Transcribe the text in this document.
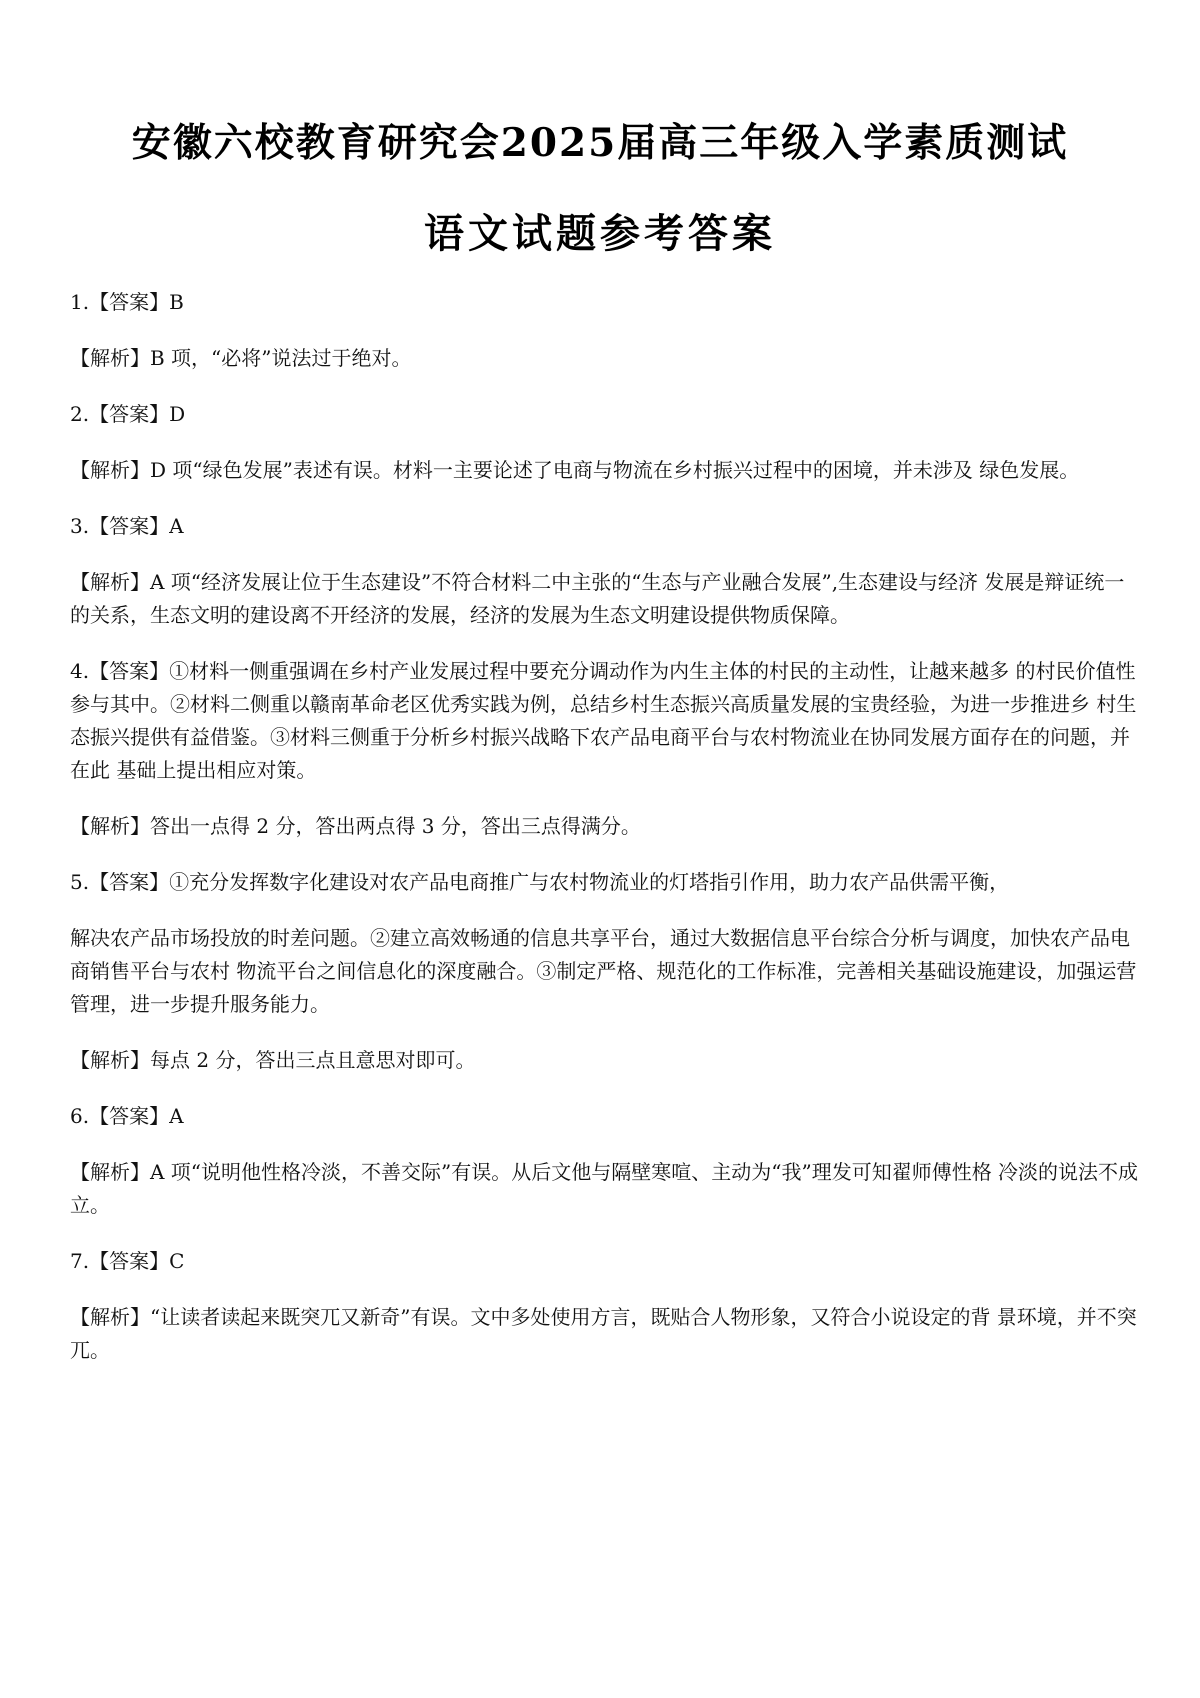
安徽六校教育研究会2025届高三年级入学素质测试
语文试题参考答案

1.【答案】B

【解析】B 项，“必将”说法过于绝对。

2.【答案】D

【解析】D 项“绿色发展”表述有误。材料一主要论述了电商与物流在乡村振兴过程中的困境，并未涉及 绿色发展。

3.【答案】A

【解析】A 项“经济发展让位于生态建设”不符合材料二中主张的“生态与产业融合发展”,生态建设与经济 发展是辩证统一的关系，生态文明的建设离不开经济的发展，经济的发展为生态文明建设提供物质保障。

4.【答案】①材料一侧重强调在乡村产业发展过程中要充分调动作为内生主体的村民的主动性，让越来越多 的村民价值性参与其中。②材料二侧重以赣南革命老区优秀实践为例，总结乡村生态振兴高质量发展的宝贵经验，为进一步推进乡 村生态振兴提供有益借鉴。③材料三侧重于分析乡村振兴战略下农产品电商平台与农村物流业在协同发展方面存在的问题，并在此 基础上提出相应对策。

【解析】答出一点得 2 分，答出两点得 3 分，答出三点得满分。

5.【答案】①充分发挥数字化建设对农产品电商推广与农村物流业的灯塔指引作用，助力农产品供需平衡，

解决农产品市场投放的时差问题。②建立高效畅通的信息共享平台，通过大数据信息平台综合分析与调度，加快农产品电商销售平台与农村 物流平台之间信息化的深度融合。③制定严格、规范化的工作标准，完善相关基础设施建设，加强运营管理，进一步提升服务能力。

【解析】每点 2 分，答出三点且意思对即可。

6.【答案】A

【解析】A 项“说明他性格冷淡，不善交际”有误。从后文他与隔壁寒喧、主动为“我”理发可知翟师傅性格 冷淡的说法不成立。

7.【答案】C

【解析】“让读者读起来既突兀又新奇”有误。文中多处使用方言，既贴合人物形象，又符合小说设定的背 景环境，并不突兀。
